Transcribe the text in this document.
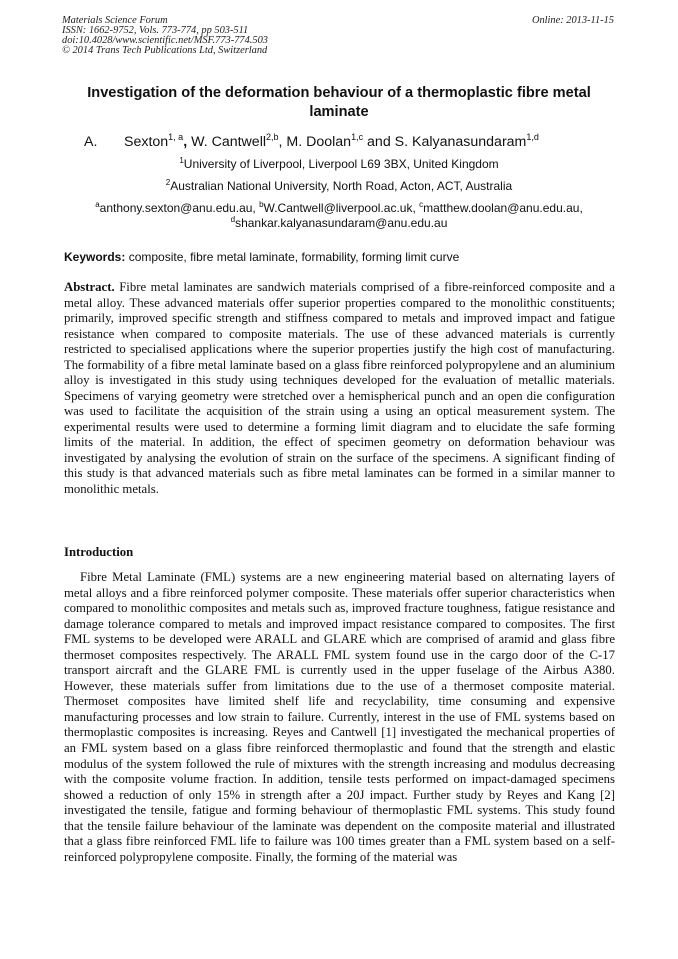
Materials Science Forum
ISSN: 1662-9752, Vols. 773-774, pp 503-511
doi:10.4028/www.scientific.net/MSF.773-774.503
© 2014 Trans Tech Publications Ltd, Switzerland
Online: 2013-11-15
Investigation of the deformation behaviour of a thermoplastic fibre metal laminate
A. Sexton$^{1, a}$, W. Cantwell$^{2,b}$, M. Doolan$^{1,c}$ and S. Kalyanasundaram$^{1,d}$
$^1$University of Liverpool, Liverpool L69 3BX, United Kingdom
$^2$Australian National University, North Road, Acton, ACT, Australia
$^a$anthony.sexton@anu.edu.au, $^b$W.Cantwell@liverpool.ac.uk, $^c$matthew.doolan@anu.edu.au,
$^d$shankar.kalyanasundaram@anu.edu.au
Keywords: composite, fibre metal laminate, formability, forming limit curve
Abstract. Fibre metal laminates are sandwich materials comprised of a fibre-reinforced composite and a metal alloy. These advanced materials offer superior properties compared to the monolithic constituents; primarily, improved specific strength and stiffness compared to metals and improved impact and fatigue resistance when compared to composite materials. The use of these advanced materials is currently restricted to specialised applications where the superior properties justify the high cost of manufacturing. The formability of a fibre metal laminate based on a glass fibre reinforced polypropylene and an aluminium alloy is investigated in this study using techniques developed for the evaluation of metallic materials. Specimens of varying geometry were stretched over a hemispherical punch and an open die configuration was used to facilitate the acquisition of the strain using a using an optical measurement system. The experimental results were used to determine a forming limit diagram and to elucidate the safe forming limits of the material. In addition, the effect of specimen geometry on deformation behaviour was investigated by analysing the evolution of strain on the surface of the specimens. A significant finding of this study is that advanced materials such as fibre metal laminates can be formed in a similar manner to monolithic metals.
Introduction
Fibre Metal Laminate (FML) systems are a new engineering material based on alternating layers of metal alloys and a fibre reinforced polymer composite. These materials offer superior characteristics when compared to monolithic composites and metals such as, improved fracture toughness, fatigue resistance and damage tolerance compared to metals and improved impact resistance compared to composites. The first FML systems to be developed were ARALL and GLARE which are comprised of aramid and glass fibre thermoset composites respectively. The ARALL FML system found use in the cargo door of the C-17 transport aircraft and the GLARE FML is currently used in the upper fuselage of the Airbus A380. However, these materials suffer from limitations due to the use of a thermoset composite material. Thermoset composites have limited shelf life and recyclability, time consuming and expensive manufacturing processes and low strain to failure. Currently, interest in the use of FML systems based on thermoplastic composites is increasing. Reyes and Cantwell [1] investigated the mechanical properties of an FML system based on a glass fibre reinforced thermoplastic and found that the strength and elastic modulus of the system followed the rule of mixtures with the strength increasing and modulus decreasing with the composite volume fraction. In addition, tensile tests performed on impact-damaged specimens showed a reduction of only 15% in strength after a 20J impact. Further study by Reyes and Kang [2] investigated the tensile, fatigue and forming behaviour of thermoplastic FML systems. This study found that the tensile failure behaviour of the laminate was dependent on the composite material and illustrated that a glass fibre reinforced FML life to failure was 100 times greater than a FML system based on a self-reinforced polypropylene composite. Finally, the forming of the material was
